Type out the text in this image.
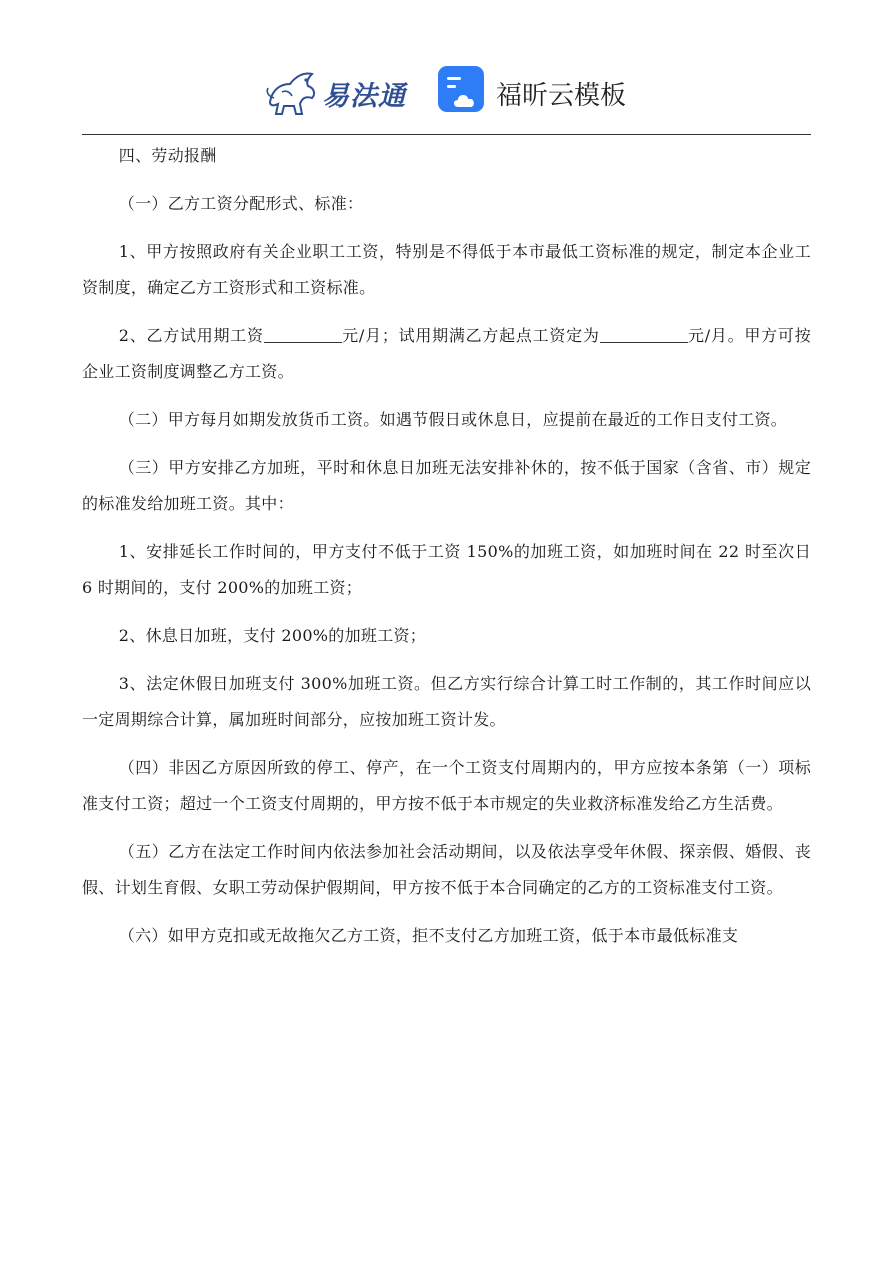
易法通	福昕云模板

四、劳动报酬

（一）乙方工资分配形式、标准：

1、甲方按照政府有关企业职工工资，特别是不得低于本市最低工资标准的规定，制定本企业工资制度，确定乙方工资形式和工资标准。

2、乙方试用期工资	元/月；试用期满乙方起点工资定为	元/月。甲方可按企业工资制度调整乙方工资。

（二）甲方每月如期发放货币工资。如遇节假日或休息日，应提前在最近的工作日支付工资。

（三）甲方安排乙方加班，平时和休息日加班无法安排补休的，按不低于国家（含省、市）规定的标准发给加班工资。其中：

1、安排延长工作时间的，甲方支付不低于工资 150%的加班工资，如加班时间在 22 时至次日 6 时期间的，支付 200%的加班工资；

2、休息日加班，支付 200%的加班工资；

3、法定休假日加班支付 300%加班工资。但乙方实行综合计算工时工作制的，其工作时间应以一定周期综合计算，属加班时间部分，应按加班工资计发。

（四）非因乙方原因所致的停工、停产，在一个工资支付周期内的，甲方应按本条第（一）项标准支付工资；超过一个工资支付周期的，甲方按不低于本市规定的失业救济标准发给乙方生活费。

（五）乙方在法定工作时间内依法参加社会活动期间，以及依法享受年休假、探亲假、婚假、丧假、计划生育假、女职工劳动保护假期间，甲方按不低于本合同确定的乙方的工资标准支付工资。

（六）如甲方克扣或无故拖欠乙方工资，拒不支付乙方加班工资，低于本市最低标准支
